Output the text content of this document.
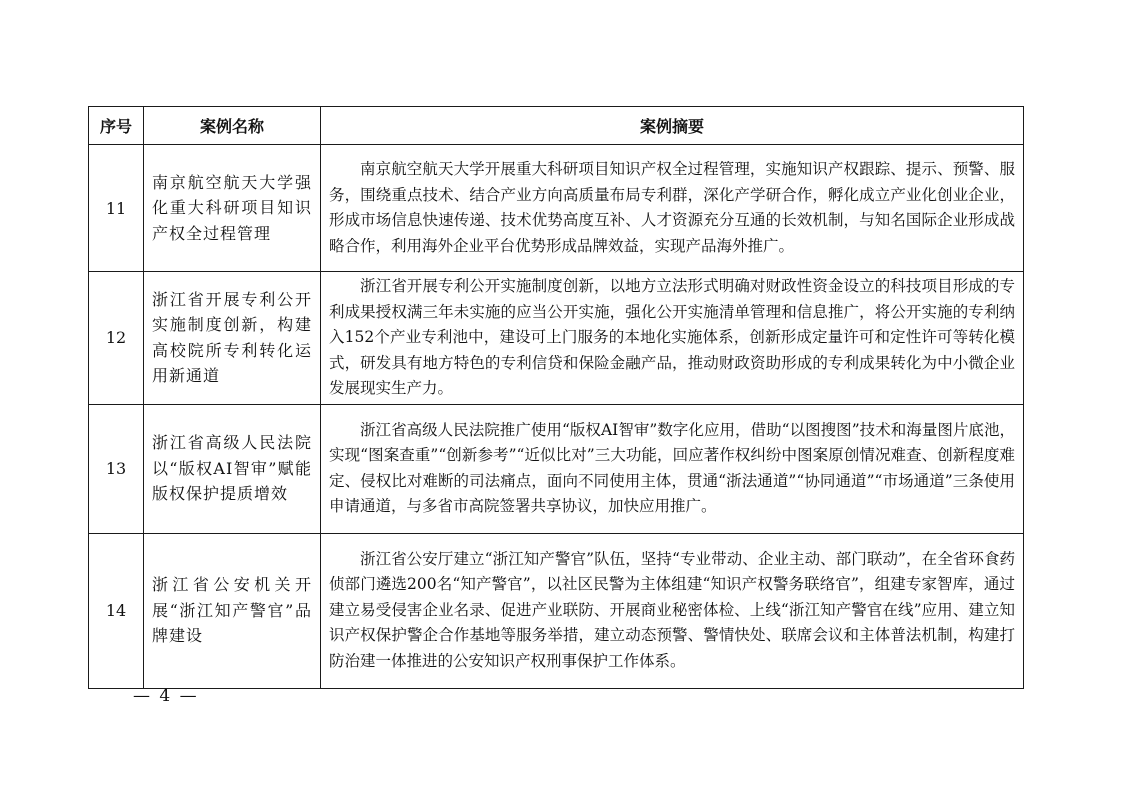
序号	案例名称	案例摘要
11	南京航空航天大学强化重大科研项目知识产权全过程管理	南京航空航天大学开展重大科研项目知识产权全过程管理，实施知识产权跟踪、提示、预警、服务，围绕重点技术、结合产业方向高质量布局专利群，深化产学研合作，孵化成立产业化创业企业，形成市场信息快速传递、技术优势高度互补、人才资源充分互通的长效机制，与知名国际企业形成战略合作，利用海外企业平台优势形成品牌效益，实现产品海外推广。
12	浙江省开展专利公开实施制度创新，构建高校院所专利转化运用新通道	浙江省开展专利公开实施制度创新，以地方立法形式明确对财政性资金设立的科技项目形成的专利成果授权满三年未实施的应当公开实施，强化公开实施清单管理和信息推广，将公开实施的专利纳入152个产业专利池中，建设可上门服务的本地化实施体系，创新形成定量许可和定性许可等转化模式，研发具有地方特色的专利信贷和保险金融产品，推动财政资助形成的专利成果转化为中小微企业发展现实生产力。
13	浙江省高级人民法院以“版权AI智审”赋能版权保护提质增效	浙江省高级人民法院推广使用“版权AI智审”数字化应用，借助“以图搜图”技术和海量图片底池，实现“图案查重”“创新参考”“近似比对”三大功能，回应著作权纠纷中图案原创情况难查、创新程度难定、侵权比对难断的司法痛点，面向不同使用主体，贯通“浙法通道”“协同通道”“市场通道”三条使用申请通道，与多省市高院签署共享协议，加快应用推广。
14	浙江省公安机关开展“浙江知产警官”品牌建设	浙江省公安厅建立“浙江知产警官”队伍，坚持“专业带动、企业主动、部门联动”，在全省环食药侦部门遴选200名“知产警官”，以社区民警为主体组建“知识产权警务联络官”，组建专家智库，通过建立易受侵害企业名录、促进产业联防、开展商业秘密体检、上线“浙江知产警官在线”应用、建立知识产权保护警企合作基地等服务举措，建立动态预警、警情快处、联席会议和主体普法机制，构建打防治建一体推进的公安知识产权刑事保护工作体系。
— 4 —
